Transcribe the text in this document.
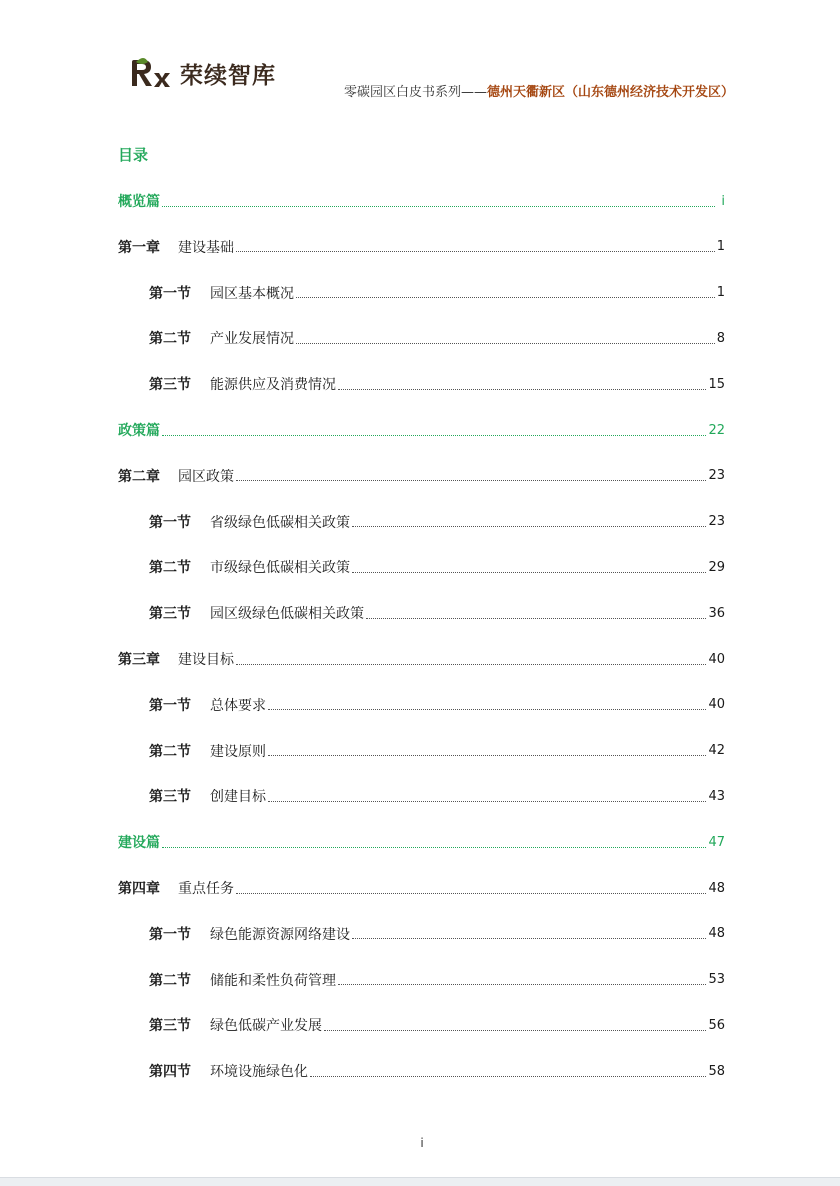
荣续智库
零碳园区白皮书系列——德州天衢新区（山东德州经济技术开发区）
目录
概览篇	i
第一章 建设基础	1
第一节 园区基本概况	1
第二节 产业发展情况	8
第三节 能源供应及消费情况	15
政策篇	22
第二章 园区政策	23
第一节 省级绿色低碳相关政策	23
第二节 市级绿色低碳相关政策	29
第三节 园区级绿色低碳相关政策	36
第三章 建设目标	40
第一节 总体要求	40
第二节 建设原则	42
第三节 创建目标	43
建设篇	47
第四章 重点任务	48
第一节 绿色能源资源网络建设	48
第二节 储能和柔性负荷管理	53
第三节 绿色低碳产业发展	56
第四节 环境设施绿色化	58
i
